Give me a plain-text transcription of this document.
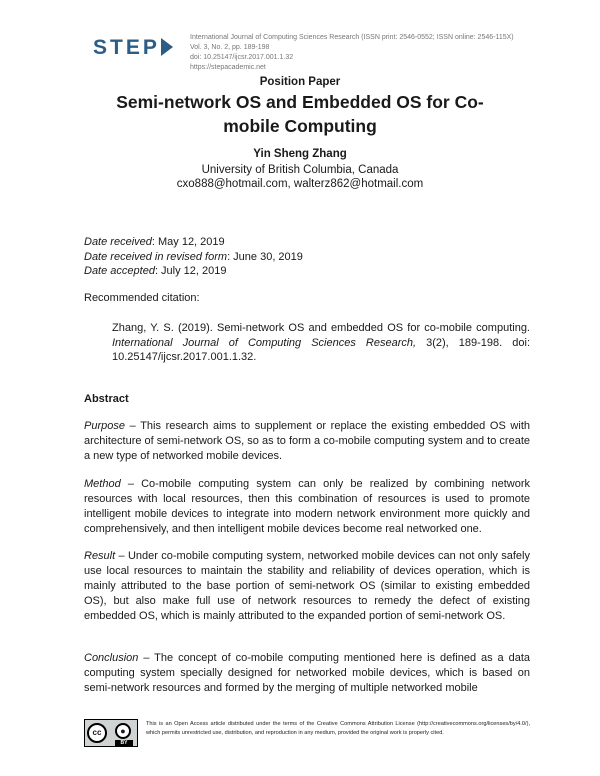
STEP	International Journal of Computing Sciences Research (ISSN print: 2546-0552; ISSN online: 2546-115X)
Vol. 3, No. 2, pp. 189-198
doi: 10.25147/ijcsr.2017.001.1.32
https://stepacademic.net
Position Paper
Semi-network OS and Embedded OS for Co-mobile Computing
Yin Sheng Zhang
University of British Columbia, Canada
cxo888@hotmail.com, walterz862@hotmail.com
Date received: May 12, 2019
Date received in revised form: June 30, 2019
Date accepted: July 12, 2019
Recommended citation:
Zhang, Y. S. (2019). Semi-network OS and embedded OS for co-mobile computing. International Journal of Computing Sciences Research, 3(2), 189-198. doi: 10.25147/ijcsr.2017.001.1.32.
Abstract
Purpose – This research aims to supplement or replace the existing embedded OS with architecture of semi-network OS, so as to form a co-mobile computing system and to create a new type of networked mobile devices.
Method – Co-mobile computing system can only be realized by combining network resources with local resources, then this combination of resources is used to promote intelligent mobile devices to integrate into modern network environment more quickly and comprehensively, and then intelligent mobile devices become real networked one.
Result – Under co-mobile computing system, networked mobile devices can not only safely use local resources to maintain the stability and reliability of devices operation, which is mainly attributed to the base portion of semi-network OS (similar to existing embedded OS), but also make full use of network resources to remedy the defect of existing embedded OS, which is mainly attributed to the expanded portion of semi-network OS.
Conclusion – The concept of co-mobile computing mentioned here is defined as a data computing system specially designed for networked mobile devices, which is based on semi-network resources and formed by the merging of multiple networked mobile
cc	●
BY
This is an Open Access article distributed under the terms of the Creative Commons Attribution License (http://creativecommons.org/licenses/by/4.0/), which permits unrestricted use, distribution, and reproduction in any medium, provided the original work is properly cited.
